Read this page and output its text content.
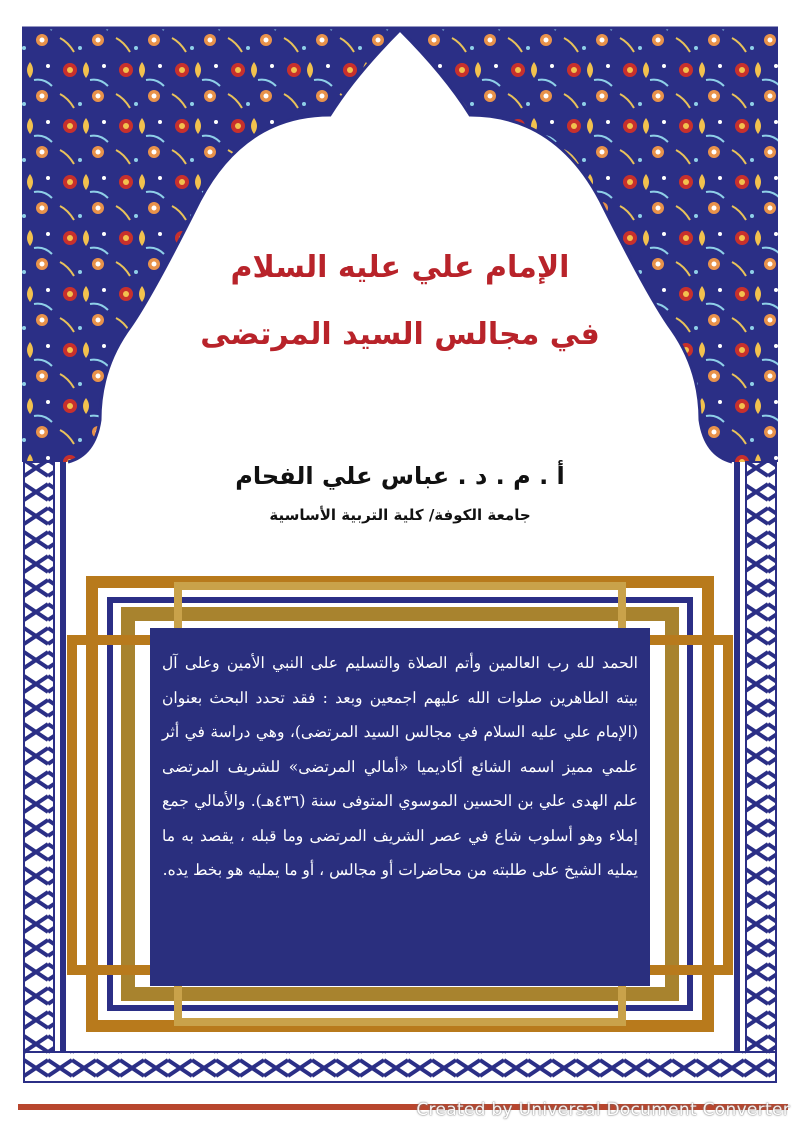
الإمام علي عليه السلام
في مجالس السيد المرتضى
أ . م . د . عباس علي الفحام
جامعة الكوفة/ كلية التربية الأساسية
الحمد لله رب العالمين وأتم الصلاة والتسليم على النبي الأمين وعلى آل بيته الطاهرين صلوات الله عليهم اجمعين وبعد : فقد تحدد البحث بعنوان (الإمام علي عليه السلام في مجالس السيد المرتضى)، وهي دراسة في أثر علمي مميز اسمه الشائع أكاديميا «أمالي المرتضى» للشريف المرتضى علم الهدى علي بن الحسين الموسوي المتوفى سنة (٤٣٦هـ). والأمالي جمع إملاء وهو أسلوب شاع في عصر الشريف المرتضى وما قبله ، يقصد به ما يمليه الشيخ على طلبته من محاضرات أو مجالس ، أو ما يمليه هو بخط يده.
Created by Universal Document Converter
